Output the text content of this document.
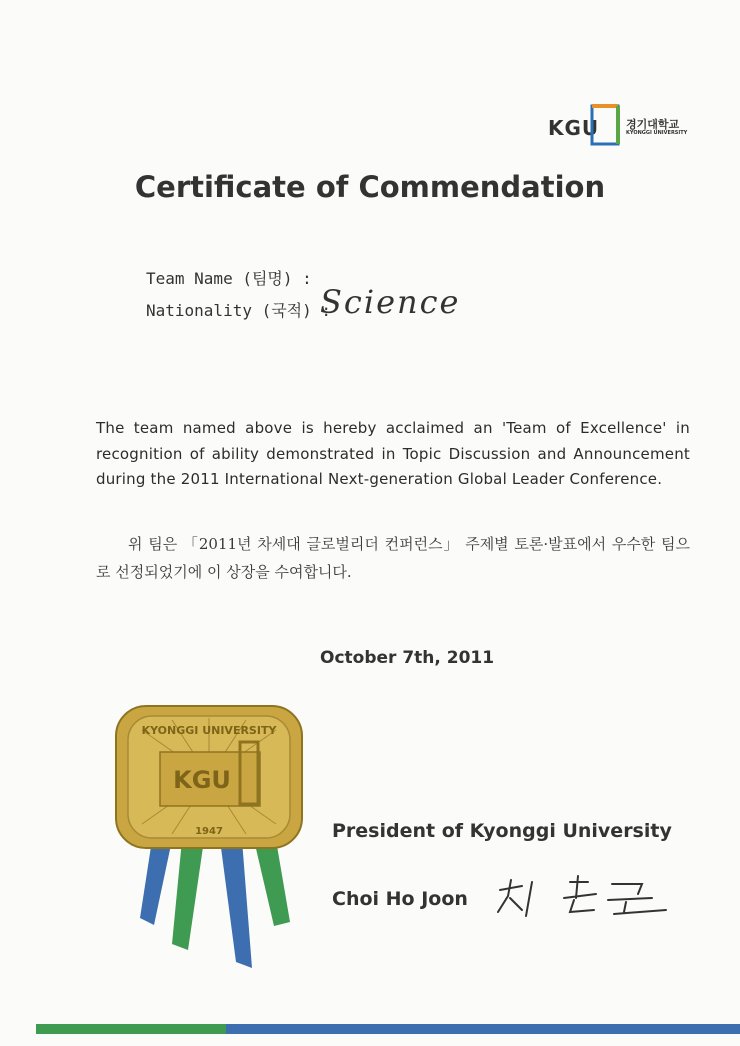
KGU 경기대학교
KYONGGI UNIVERSITY
Certificate of Commendation
Team Name (팀명) :
Nationality (국적) :
Science
The team named above is hereby acclaimed an 'Team of Excellence' in recognition of ability demonstrated in Topic Discussion and Announcement during the 2011 International Next-generation Global Leader Conference.
위 팀은 「2011년 차세대 글로벌리더 컨퍼런스」 주제별 토론·발표에서 우수한 팀으로 선정되었기에 이 상장을 수여합니다.
October 7th, 2011
KYONGGI UNIVERSITY
KGU
1947	President of Kyonggi University
Choi Ho Joon
